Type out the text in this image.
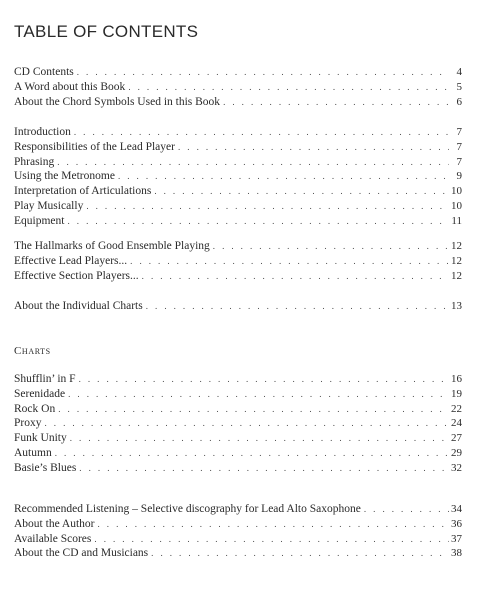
TABLE OF CONTENTS
CD Contents . . .	4
A Word about this Book . . .	5
About the Chord Symbols Used in this Book . . .	6
Introduction . . .	7
Responsibilities of the Lead Player . . .	7
Phrasing . . .	7
Using the Metronome . . .	9
Interpretation of Articulations . . .	10
Play Musically . . .	10
Equipment . . .	11
The Hallmarks of Good Ensemble Playing . . .	12
Effective Lead Players... . . .	12
Effective Section Players... . . .	12
About the Individual Charts . . .	13
Charts
Shufflin’ in F . . .	16
Serenidade . . .	19
Rock On . . .	22
Proxy . . .	24
Funk Unity . . .	27
Autumn . . .	29
Basie’s Blues . . .	32
Recommended Listening – Selective discography for Lead Alto Saxophone . . .	34
About the Author . . .	36
Available Scores . . .	37
About the CD and Musicians . . .	38
